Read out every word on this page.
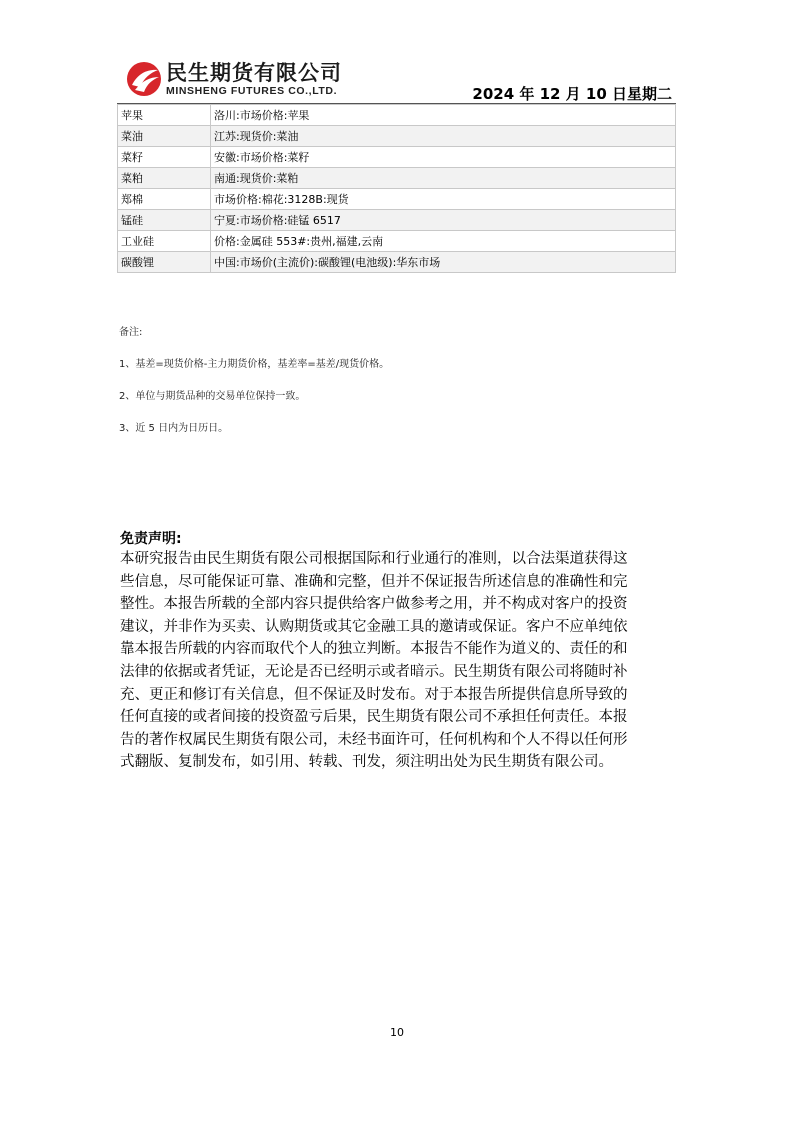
民生期货有限公司
MINSHENG FUTURES CO.,LTD.	2024 年 12 月 10 日星期二
苹果	洛川:市场价格:苹果
菜油	江苏:现货价:菜油
菜籽	安徽:市场价格:菜籽
菜粕	南通:现货价:菜粕
郑棉	市场价格:棉花:3128B:现货
锰硅	宁夏:市场价格:硅锰 6517
工业硅	价格:金属硅 553#:贵州,福建,云南
碳酸锂	中国:市场价(主流价):碳酸锂(电池级):华东市场
备注:
1、基差=现货价格-主力期货价格，基差率=基差/现货价格。
2、单位与期货品种的交易单位保持一致。
3、近 5 日内为日历日。
免责声明:
本研究报告由民生期货有限公司根据国际和行业通行的准则，以合法渠道获得这
些信息，尽可能保证可靠、准确和完整，但并不保证报告所述信息的准确性和完
整性。本报告所载的全部内容只提供给客户做参考之用，并不构成对客户的投资
建议，并非作为买卖、认购期货或其它金融工具的邀请或保证。客户不应单纯依
靠本报告所载的内容而取代个人的独立判断。本报告不能作为道义的、责任的和
法律的依据或者凭证，无论是否已经明示或者暗示。民生期货有限公司将随时补
充、更正和修订有关信息，但不保证及时发布。对于本报告所提供信息所导致的
任何直接的或者间接的投资盈亏后果，民生期货有限公司不承担任何责任。本报
告的著作权属民生期货有限公司，未经书面许可，任何机构和个人不得以任何形
式翻版、复制发布，如引用、转载、刊发，须注明出处为民生期货有限公司。
10
